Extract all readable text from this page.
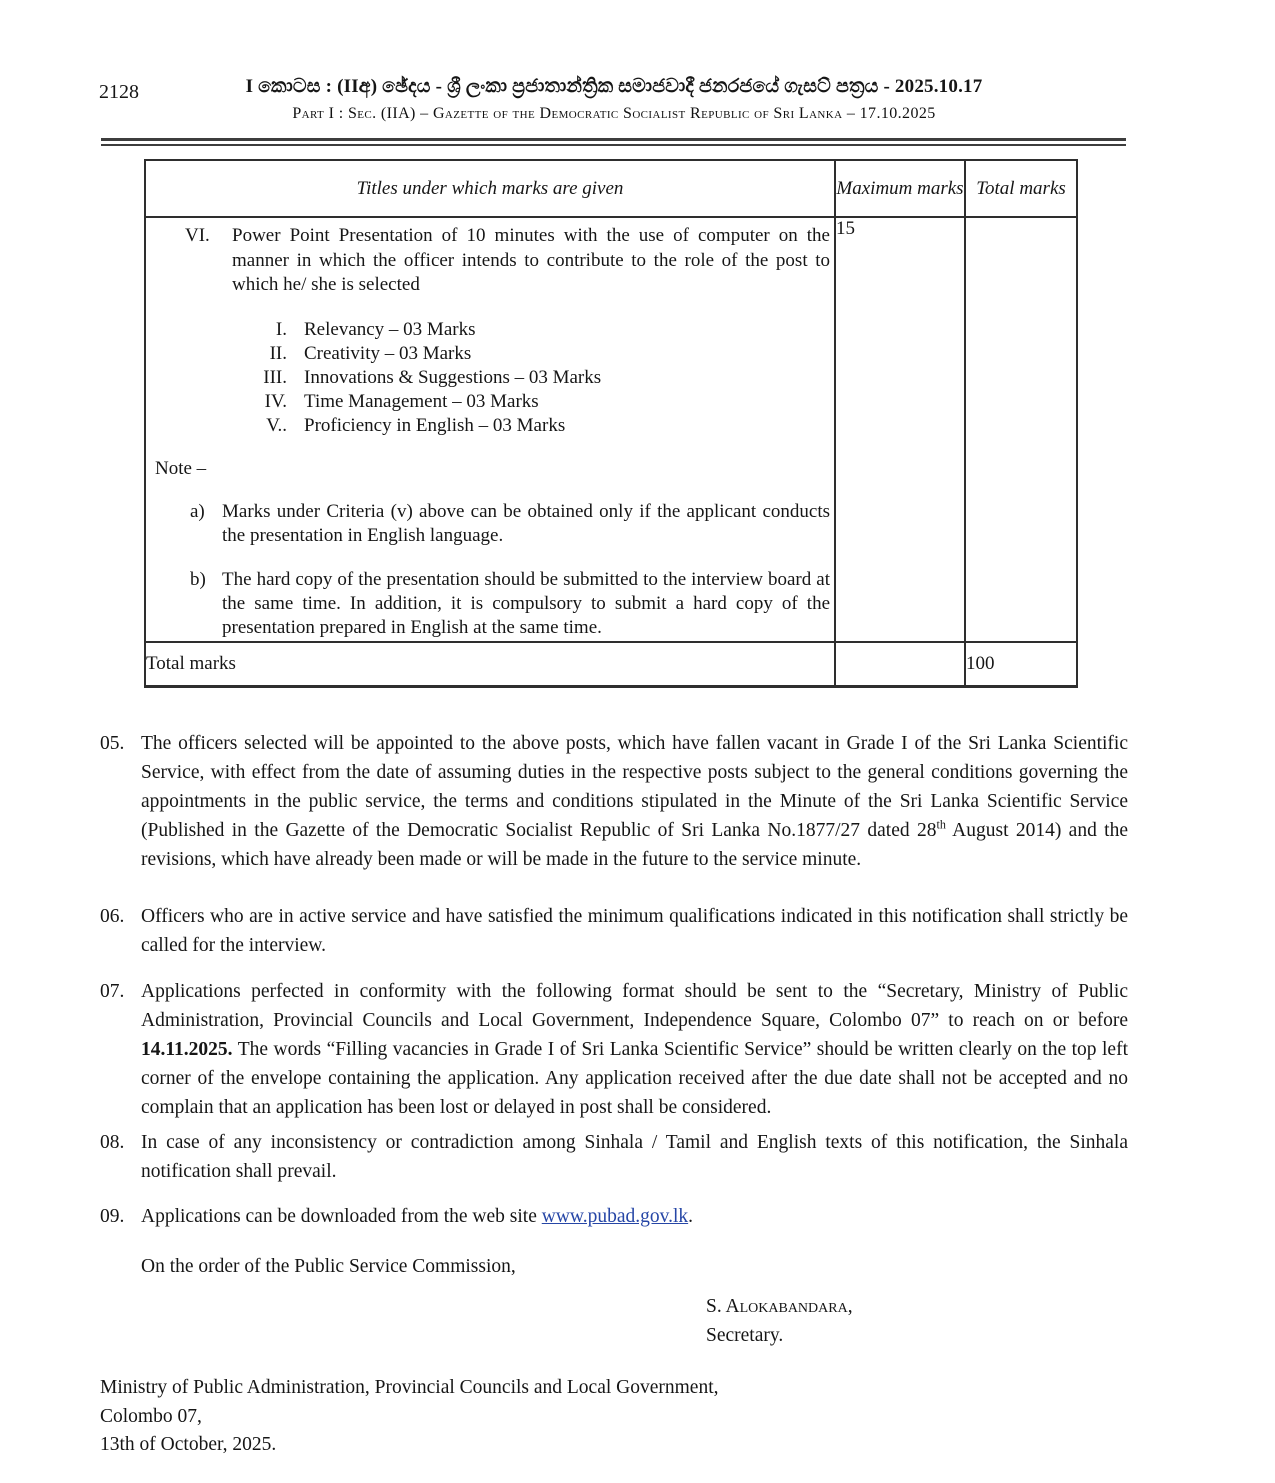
2128	I කොටස : (IIඅ) ඡේදය - ශ්‍රී ලංකා ප්‍රජාතාන්ත්‍රික සමාජවාදී ජනරජයේ ගැසට් පත්‍රය - 2025.10.17
Part I : Sec. (IIA) – Gazette of the Democratic Socialist Republic of Sri Lanka – 17.10.2025
Titles under which marks are given	Maximum marks	Total marks

VI. Power Point Presentation of 10 minutes with the use of computer on the manner in which the officer intends to contribute to the role of the post to which he/ she is selected
I. Relevancy – 03 Marks
II. Creativity – 03 Marks
III. Innovations & Suggestions – 03 Marks
IV. Time Management – 03 Marks
V.. Proficiency in English – 03 Marks
Note –
a) Marks under Criteria (v) above can be obtained only if the applicant conducts the presentation in English language.
b) The hard copy of the presentation should be submitted to the interview board at the same time. In addition, it is compulsory to submit a hard copy of the presentation prepared in English at the same time.
	15	
Total marks		100
05. The officers selected will be appointed to the above posts, which have fallen vacant in Grade I of the Sri Lanka Scientific Service, with effect from the date of assuming duties in the respective posts subject to the general conditions governing the appointments in the public service, the terms and conditions stipulated in the Minute of the Sri Lanka Scientific Service (Published in the Gazette of the Democratic Socialist Republic of Sri Lanka No.1877/27 dated 28th August 2014) and the revisions, which have already been made or will be made in the future to the service minute.
06. Officers who are in active service and have satisfied the minimum qualifications indicated in this notification shall strictly be called for the interview.
07. Applications perfected in conformity with the following format should be sent to the “Secretary, Ministry of Public Administration, Provincial Councils and Local Government, Independence Square, Colombo 07” to reach on or before 14.11.2025. The words “Filling vacancies in Grade I of Sri Lanka Scientific Service” should be written clearly on the top left corner of the envelope containing the application. Any application received after the due date shall not be accepted and no complain that an application has been lost or delayed in post shall be considered.
08. In case of any inconsistency or contradiction among Sinhala / Tamil and English texts of this notification, the Sinhala notification shall prevail.
09. Applications can be downloaded from the web site www.pubad.gov.lk.
On the order of the Public Service Commission,
S. Alokabandara,
Secretary.
Ministry of Public Administration, Provincial Councils and Local Government,
Colombo 07,
13th of October, 2025.
